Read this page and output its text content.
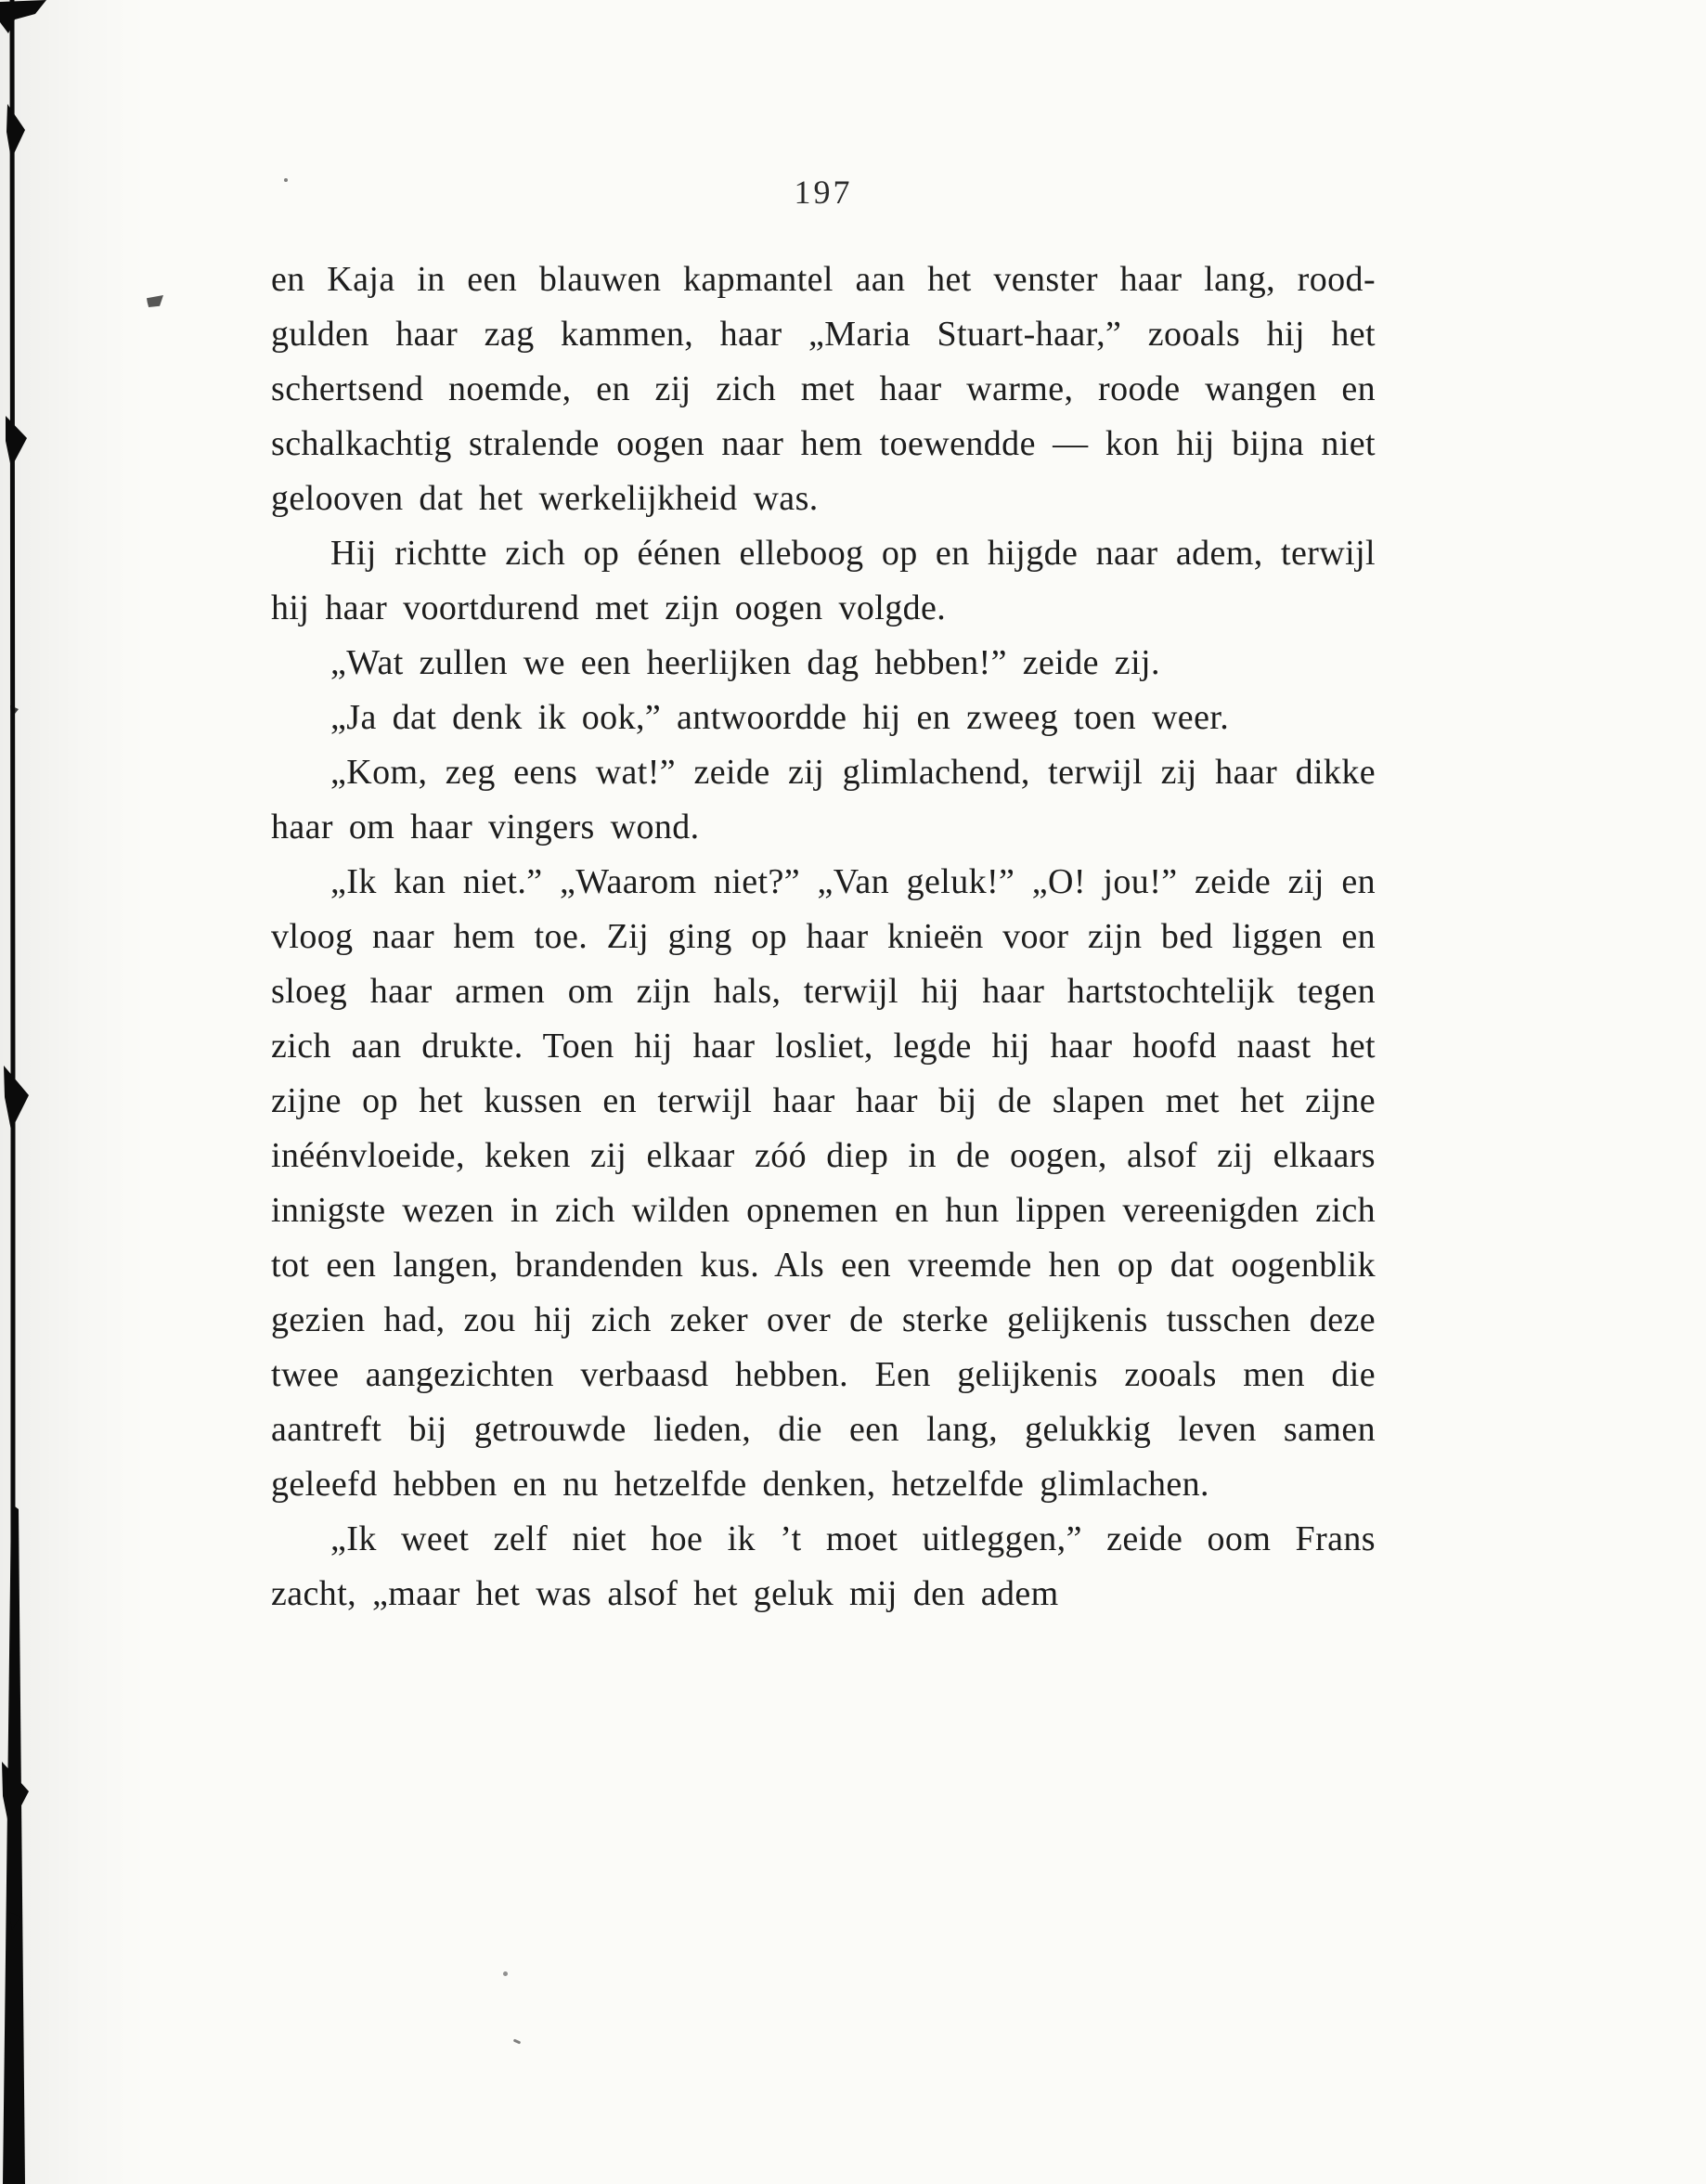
197

en Kaja in een blauwen kapmantel aan het venster haar lang, rood-gulden haar zag kammen, haar „Maria Stuart-haar,” zooals hij het schertsend noemde, en zij zich met haar warme, roode wangen en schalkachtig stralende oogen naar hem toewendde — kon hij bijna niet gelooven dat het werkelijkheid was.

Hij richtte zich op éénen elleboog op en hijgde naar adem, terwijl hij haar voortdurend met zijn oogen volgde.

„Wat zullen we een heerlijken dag hebben!” zeide zij.

„Ja dat denk ik ook,” antwoordde hij en zweeg toen weer.

„Kom, zeg eens wat!” zeide zij glimlachend, terwijl zij haar dikke haar om haar vingers wond.

„Ik kan niet.” „Waarom niet?” „Van geluk!” „O! jou!” zeide zij en vloog naar hem toe. Zij ging op haar knieën voor zijn bed liggen en sloeg haar armen om zijn hals, terwijl hij haar hartstochtelijk tegen zich aan drukte. Toen hij haar losliet, legde hij haar hoofd naast het zijne op het kussen en terwijl haar haar bij de slapen met het zijne inéénvloeide, keken zij elkaar zóó diep in de oogen, alsof zij elkaars innigste wezen in zich wilden opnemen en hun lippen vereenigden zich tot een langen, brandenden kus. Als een vreemde hen op dat oogenblik gezien had, zou hij zich zeker over de sterke gelijkenis tusschen deze twee aangezichten verbaasd hebben. Een gelijkenis zooals men die aantreft bij getrouwde lieden, die een lang, gelukkig leven samen geleefd hebben en nu hetzelfde denken, hetzelfde glimlachen.

„Ik weet zelf niet hoe ik ’t moet uitleggen,” zeide oom Frans zacht, „maar het was alsof het geluk mij den adem
